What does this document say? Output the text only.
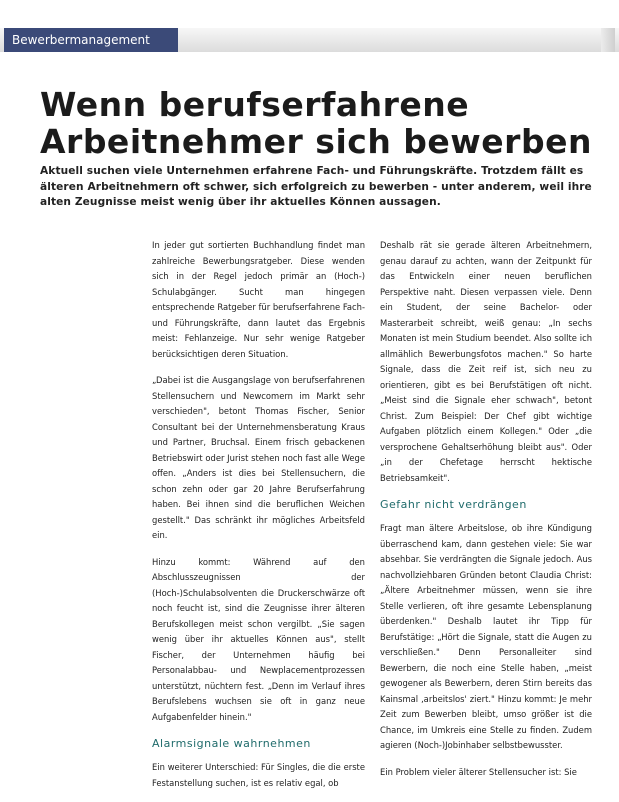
Bewerbermanagement
Wenn berufserfahrene Arbeitnehmer sich bewerben

Aktuell suchen viele Unternehmen erfahrene Fach- und Führungskräfte. Trotzdem fällt es älteren Arbeitnehmern oft schwer, sich erfolgreich zu bewerben - unter anderem, weil ihre alten Zeugnisse meist wenig über ihr aktuelles Können aussagen.

In jeder gut sortierten Buchhandlung findet man zahlreiche Bewerbungsratgeber. Diese wenden sich in der Regel jedoch primär an (Hoch-) Schulabgänger. Sucht man hingegen entsprechende Ratgeber für berufserfahrene Fach- und Führungskräfte, dann lautet das Ergebnis meist: Fehlanzeige. Nur sehr wenige Ratgeber berücksichtigen deren Situation.

„Dabei ist die Ausgangslage von berufserfahrenen Stellensuchern und Newcomern im Markt sehr verschieden", betont Thomas Fischer, Senior Consultant bei der Unternehmensberatung Kraus und Partner, Bruchsal. Einem frisch gebackenen Betriebswirt oder Jurist stehen noch fast alle Wege offen. „Anders ist dies bei Stellensuchern, die schon zehn oder gar 20 Jahre Berufserfahrung haben. Bei ihnen sind die beruflichen Weichen gestellt." Das schränkt ihr mögliches Arbeitsfeld ein.

Hinzu kommt: Während auf den Abschlusszeugnissen der (Hoch-)Schulabsolventen die Druckerschwärze oft noch feucht ist, sind die Zeugnisse ihrer älteren Berufskollegen meist schon vergilbt. „Sie sagen wenig über ihr aktuelles Können aus", stellt Fischer, der Unternehmen häufig bei Personalabbau- und Newplacementprozessen unterstützt, nüchtern fest. „Denn im Verlauf ihres Berufslebens wuchsen sie oft in ganz neue Aufgabenfelder hinein."

Alarmsignale wahrnehmen

Ein weiterer Unterschied: Für Singles, die die erste Festanstellung suchen, ist es relativ egal, ob

Deshalb rät sie gerade älteren Arbeitnehmern, genau darauf zu achten, wann der Zeitpunkt für das Entwickeln einer neuen beruflichen Perspektive naht. Diesen verpassen viele. Denn ein Student, der seine Bachelor- oder Masterarbeit schreibt, weiß genau: „In sechs Monaten ist mein Studium beendet. Also sollte ich allmählich Bewerbungsfotos machen." So harte Signale, dass die Zeit reif ist, sich neu zu orientieren, gibt es bei Berufstätigen oft nicht. „Meist sind die Signale eher schwach", betont Christ. Zum Beispiel: Der Chef gibt wichtige Aufgaben plötzlich einem Kollegen." Oder „die versprochene Gehaltserhöhung bleibt aus". Oder „in der Chefetage herrscht hektische Betriebsamkeit".

Gefahr nicht verdrängen

Fragt man ältere Arbeitslose, ob ihre Kündigung überraschend kam, dann gestehen viele: Sie war absehbar. Sie verdrängten die Signale jedoch. Aus nachvollziehbaren Gründen betont Claudia Christ: „Ältere Arbeitnehmer müssen, wenn sie ihre Stelle verlieren, oft ihre gesamte Lebensplanung überdenken." Deshalb lautet ihr Tipp für Berufstätige: „Hört die Signale, statt die Augen zu verschließen." Denn Personalleiter sind Bewerbern, die noch eine Stelle haben, „meist gewogener als Bewerbern, deren Stirn bereits das Kainsmal ‚arbeitslos' ziert." Hinzu kommt: Je mehr Zeit zum Bewerben bleibt, umso größer ist die Chance, im Umkreis eine Stelle zu finden. Zudem agieren (Noch-)Jobinhaber selbstbewusster.

Ein Problem vieler älterer Stellensucher ist: Sie
